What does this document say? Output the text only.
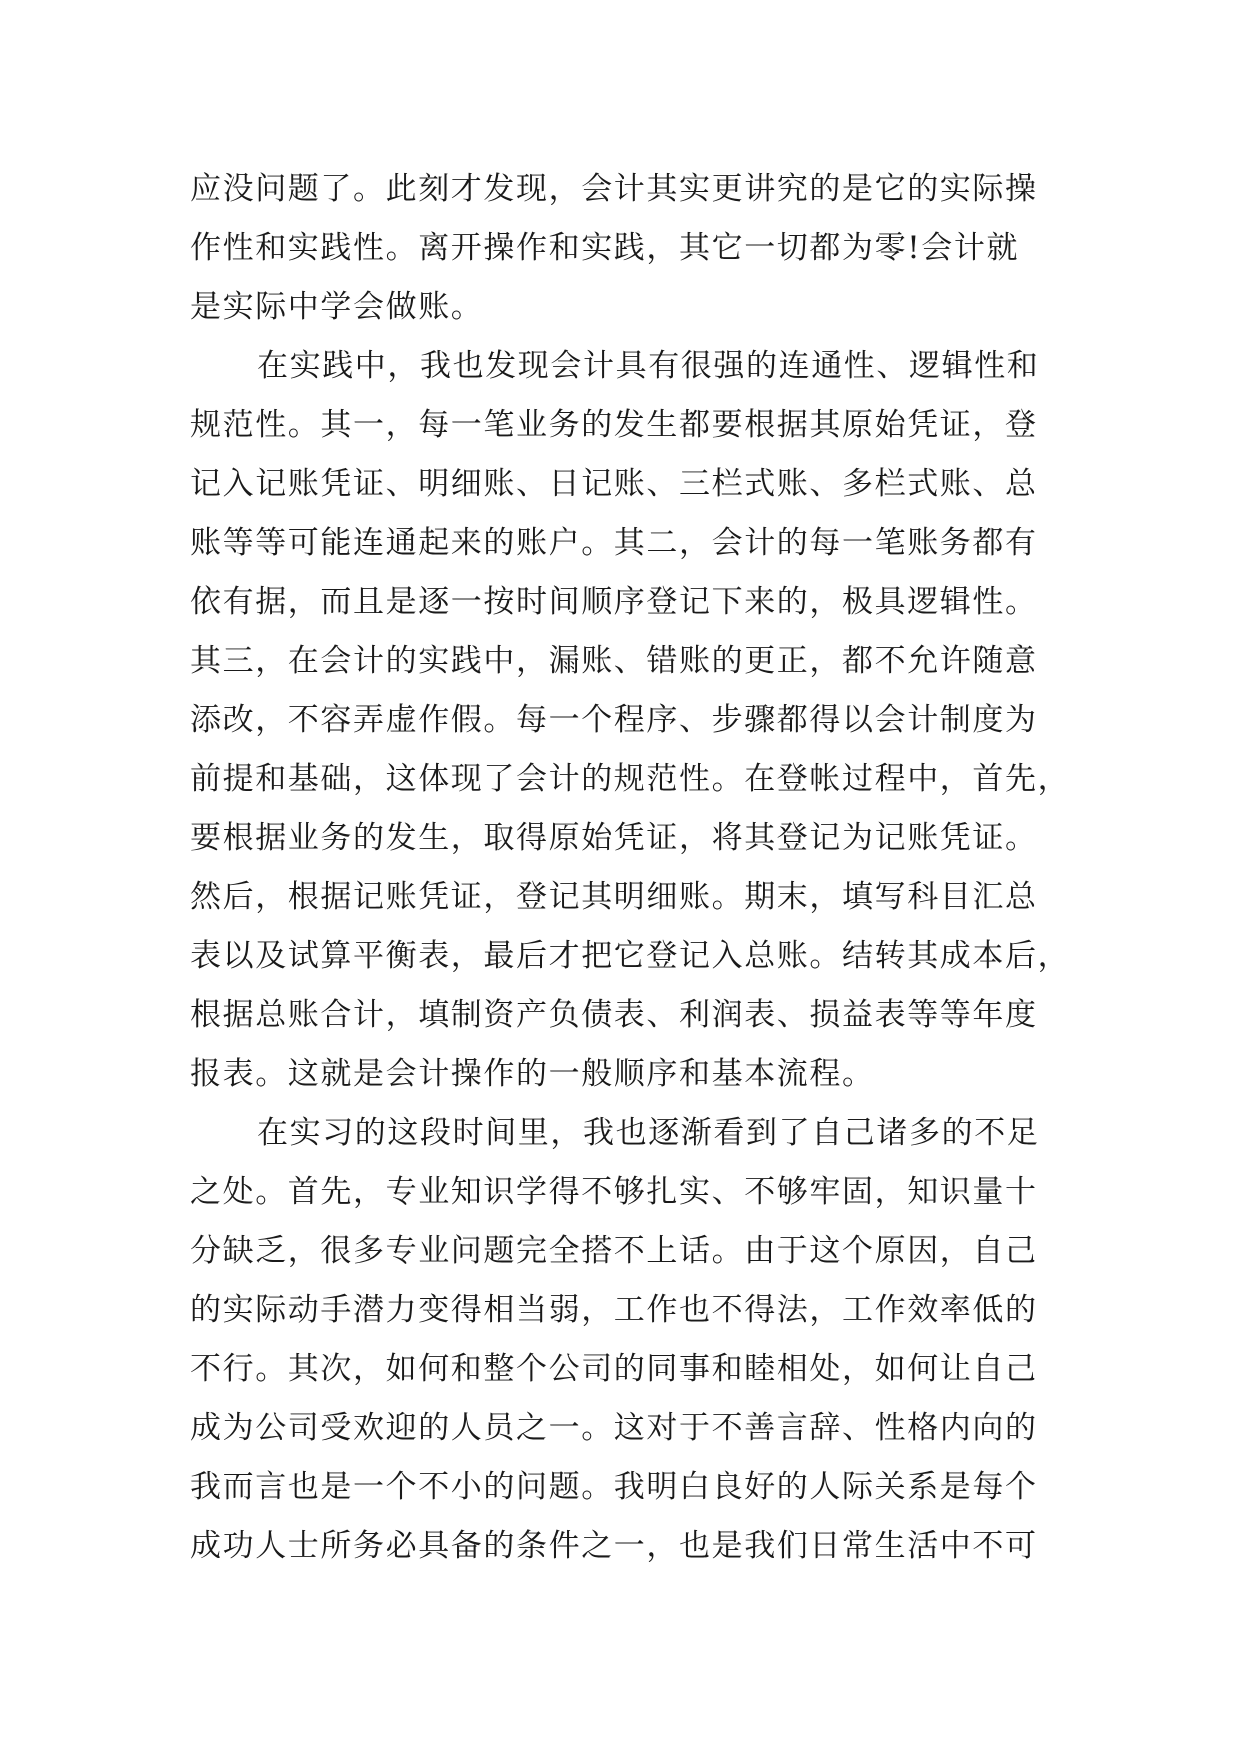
应没问题了。此刻才发现，会计其实更讲究的是它的实际操
作性和实践性。离开操作和实践，其它一切都为零!会计就
是实际中学会做账。
在实践中，我也发现会计具有很强的连通性、逻辑性和
规范性。其一，每一笔业务的发生都要根据其原始凭证，登
记入记账凭证、明细账、日记账、三栏式账、多栏式账、总
账等等可能连通起来的账户。其二，会计的每一笔账务都有
依有据，而且是逐一按时间顺序登记下来的，极具逻辑性。
其三，在会计的实践中，漏账、错账的更正，都不允许随意
添改，不容弄虚作假。每一个程序、步骤都得以会计制度为
前提和基础，这体现了会计的规范性。在登帐过程中，首先，
要根据业务的发生，取得原始凭证，将其登记为记账凭证。
然后，根据记账凭证，登记其明细账。期末，填写科目汇总
表以及试算平衡表，最后才把它登记入总账。结转其成本后，
根据总账合计，填制资产负债表、利润表、损益表等等年度
报表。这就是会计操作的一般顺序和基本流程。
在实习的这段时间里，我也逐渐看到了自己诸多的不足
之处。首先，专业知识学得不够扎实、不够牢固，知识量十
分缺乏，很多专业问题完全搭不上话。由于这个原因，自己
的实际动手潜力变得相当弱，工作也不得法，工作效率低的
不行。其次，如何和整个公司的同事和睦相处，如何让自己
成为公司受欢迎的人员之一。这对于不善言辞、性格内向的
我而言也是一个不小的问题。我明白良好的人际关系是每个
成功人士所务必具备的条件之一，也是我们日常生活中不可
